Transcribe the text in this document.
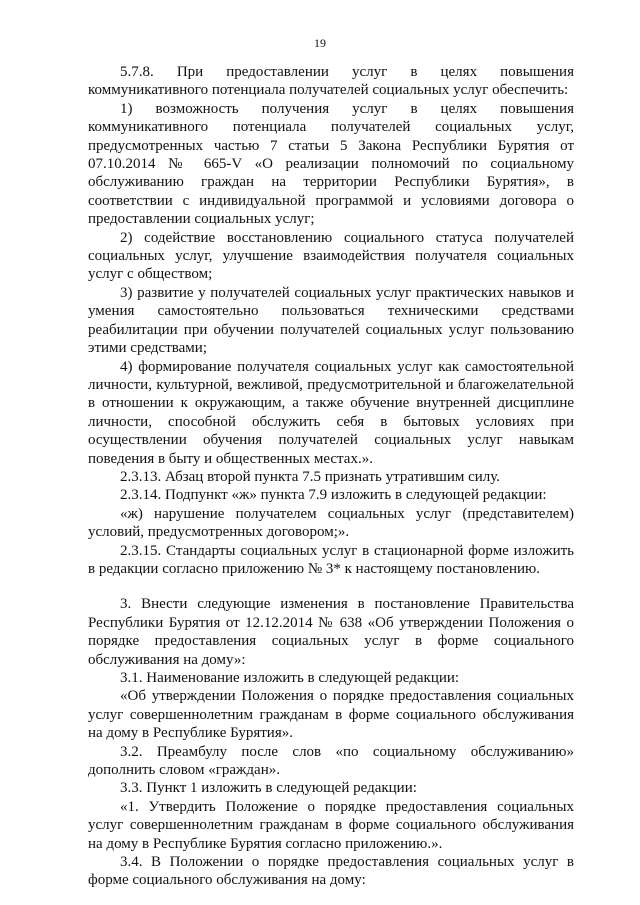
19

5.7.8. При предоставлении услуг в целях повышения коммуникативного потенциала получателей социальных услуг обеспечить:

1) возможность получения услуг в целях повышения коммуникативного потенциала получателей социальных услуг, предусмотренных частью 7 статьи 5 Закона Республики Бурятия от 07.10.2014 № 665-V «О реализации полномочий по социальному обслуживанию граждан на территории Республики Бурятия», в соответствии с индивидуальной программой и условиями договора о предоставлении социальных услуг;

2) содействие восстановлению социального статуса получателей социальных услуг, улучшение взаимодействия получателя социальных услуг с обществом;

3) развитие у получателей социальных услуг практических навыков и умения самостоятельно пользоваться техническими средствами реабилитации при обучении получателей социальных услуг пользованию этими средствами;

4) формирование получателя социальных услуг как самостоятельной личности, культурной, вежливой, предусмотрительной и благожелательной в отношении к окружающим, а также обучение внутренней дисциплине личности, способной обслужить себя в бытовых условиях при осуществлении обучения получателей социальных услуг навыкам поведения в быту и общественных местах.».

2.3.13. Абзац второй пункта 7.5 признать утратившим силу.

2.3.14. Подпункт «ж» пункта 7.9 изложить в следующей редакции:

«ж) нарушение получателем социальных услуг (представителем) условий, предусмотренных договором;».

2.3.15. Стандарты социальных услуг в стационарной форме изложить в редакции согласно приложению № 3* к настоящему постановлению.

3. Внести следующие изменения в постановление Правительства Республики Бурятия от 12.12.2014 № 638 «Об утверждении Положения о порядке предоставления социальных услуг в форме социального обслуживания на дому»:

3.1. Наименование изложить в следующей редакции:

«Об утверждении Положения о порядке предоставления социальных услуг совершеннолетним гражданам в форме социального обслуживания на дому в Республике Бурятия».

3.2. Преамбулу после слов «по социальному обслуживанию» дополнить словом «граждан».

3.3. Пункт 1 изложить в следующей редакции:

«1. Утвердить Положение о порядке предоставления социальных услуг совершеннолетним гражданам в форме социального обслуживания на дому в Республике Бурятия согласно приложению.».

3.4. В Положении о порядке предоставления социальных услуг в форме социального обслуживания на дому:
